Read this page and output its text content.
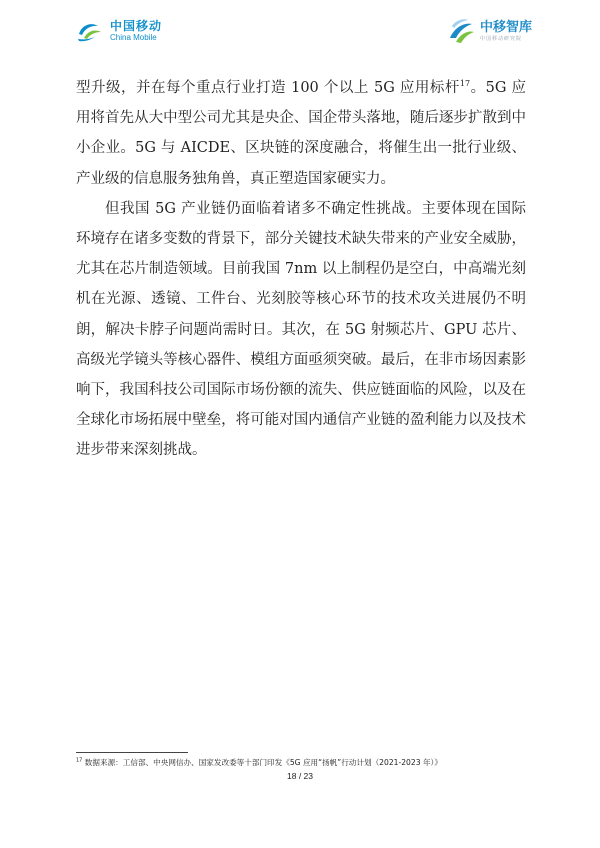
中国移动
China Mobile
中移智库
中国移动研究院

型升级，并在每个重点行业打造 100 个以上 5G 应用标杆$^{17}$。5G 应用将首先从大中型公司尤其是央企、国企带头落地，随后逐步扩散到中小企业。5G 与 AICDE、区块链的深度融合，将催生出一批行业级、产业级的信息服务独角兽，真正塑造国家硬实力。

但我国 5G 产业链仍面临着诸多不确定性挑战。主要体现在国际环境存在诸多变数的背景下，部分关键技术缺失带来的产业安全威胁，尤其在芯片制造领域。目前我国 7nm 以上制程仍是空白，中高端光刻机在光源、透镜、工件台、光刻胶等核心环节的技术攻关进展仍不明朗，解决卡脖子问题尚需时日。其次，在 5G 射频芯片、GPU 芯片、高级光学镜头等核心器件、模组方面亟须突破。最后，在非市场因素影响下，我国科技公司国际市场份额的流失、供应链面临的风险，以及在全球化市场拓展中壁垒，将可能对国内通信产业链的盈利能力以及技术进步带来深刻挑战。

$^{17}$ 数据来源：工信部、中央网信办、国家发改委等十部门印发《5G 应用“扬帆”行动计划（2021-2023 年）》
18 / 23
